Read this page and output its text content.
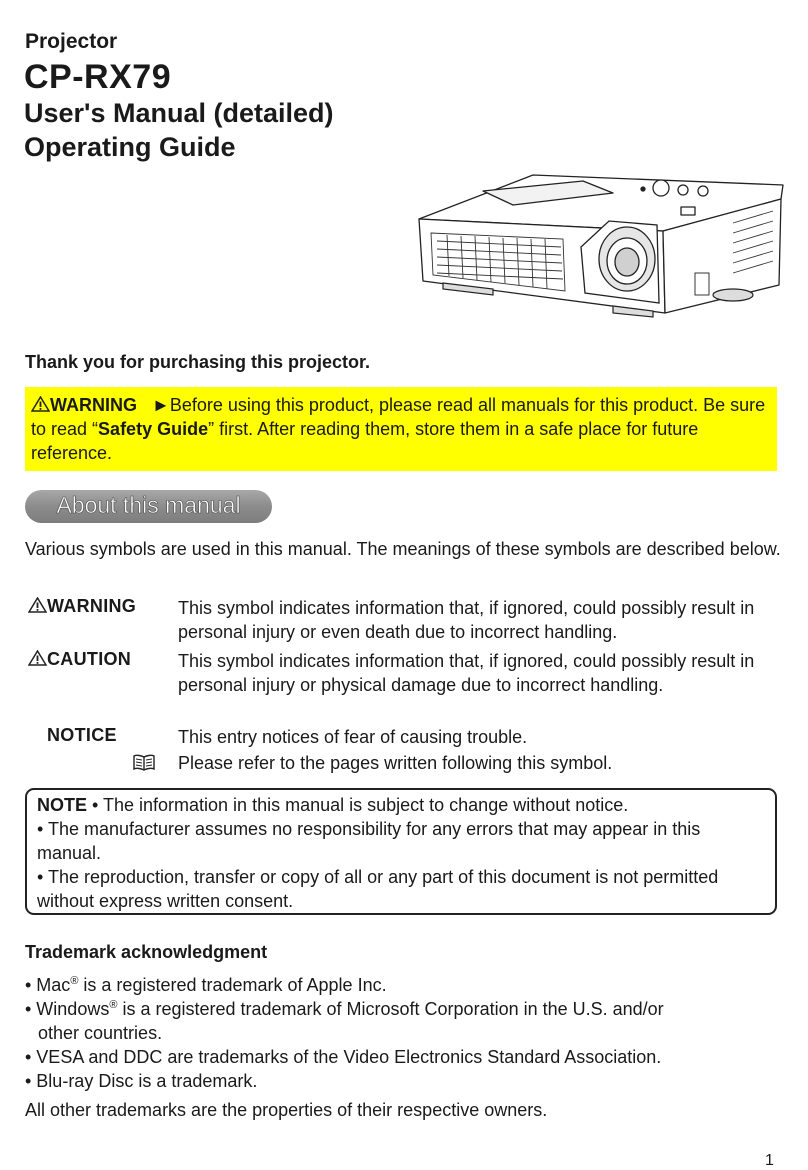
Projector
CP-RX79
User's Manual (detailed)
Operating Guide
Thank you for purchasing this projector.
WARNING ►Before using this product, please read all manuals for this product. Be sure to read “Safety Guide” first. After reading them, store them in a safe place for future reference.
About this manual
Various symbols are used in this manual. The meanings of these symbols are described below.
WARNING This symbol indicates information that, if ignored, could possibly result in personal injury or even death due to incorrect handling.
CAUTION	This symbol indicates information that, if ignored, could possibly result in personal injury or physical damage due to incorrect handling.
NOTICE	This entry notices of fear of causing trouble.
Please refer to the pages written following this symbol.
NOTE • The information in this manual is subject to change without notice.
• The manufacturer assumes no responsibility for any errors that may appear in this manual.
• The reproduction, transfer or copy of all or any part of this document is not permitted without express written consent.
Trademark acknowledgment
• Mac® is a registered trademark of Apple Inc.
• Windows® is a registered trademark of Microsoft Corporation in the U.S. and/or
other countries.
• VESA and DDC are trademarks of the Video Electronics Standard Association.
• Blu-ray Disc is a trademark.
All other trademarks are the properties of their respective owners.
1
